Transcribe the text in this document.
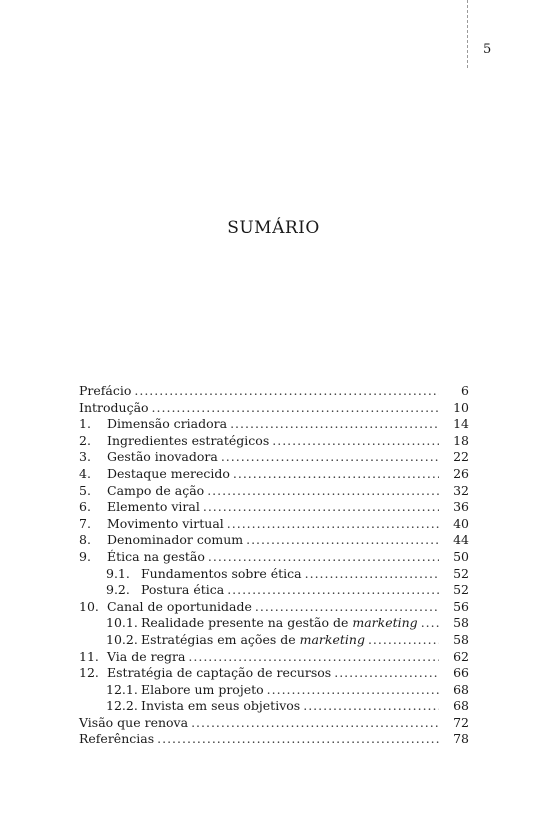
5
SUMÁRIO
Prefácio .....	6
Introdução .....	10
1.	Dimensão criadora .....	14
2.	Ingredientes estratégicos .....	18
3.	Gestão inovadora .....	22
4.	Destaque merecido .....	26
5.	Campo de ação .....	32
6.	Elemento viral .....	36
7.	Movimento virtual .....	40
8.	Denominador comum .....	44
9.	Ética na gestão .....	50
9.1. Fundamentos sobre ética .....	52
9.2. Postura ética .....	52
10. Canal de oportunidade .....	56
10.1. Realidade presente na gestão de marketing .....	58
10.2. Estratégias em ações de marketing .....	58
11. Via de regra .....	62
12. Estratégia de captação de recursos .....	66
12.1. Elabore um projeto .....	68
12.2. Invista em seus objetivos .....	68
Visão que renova .....	72
Referências .....	78
